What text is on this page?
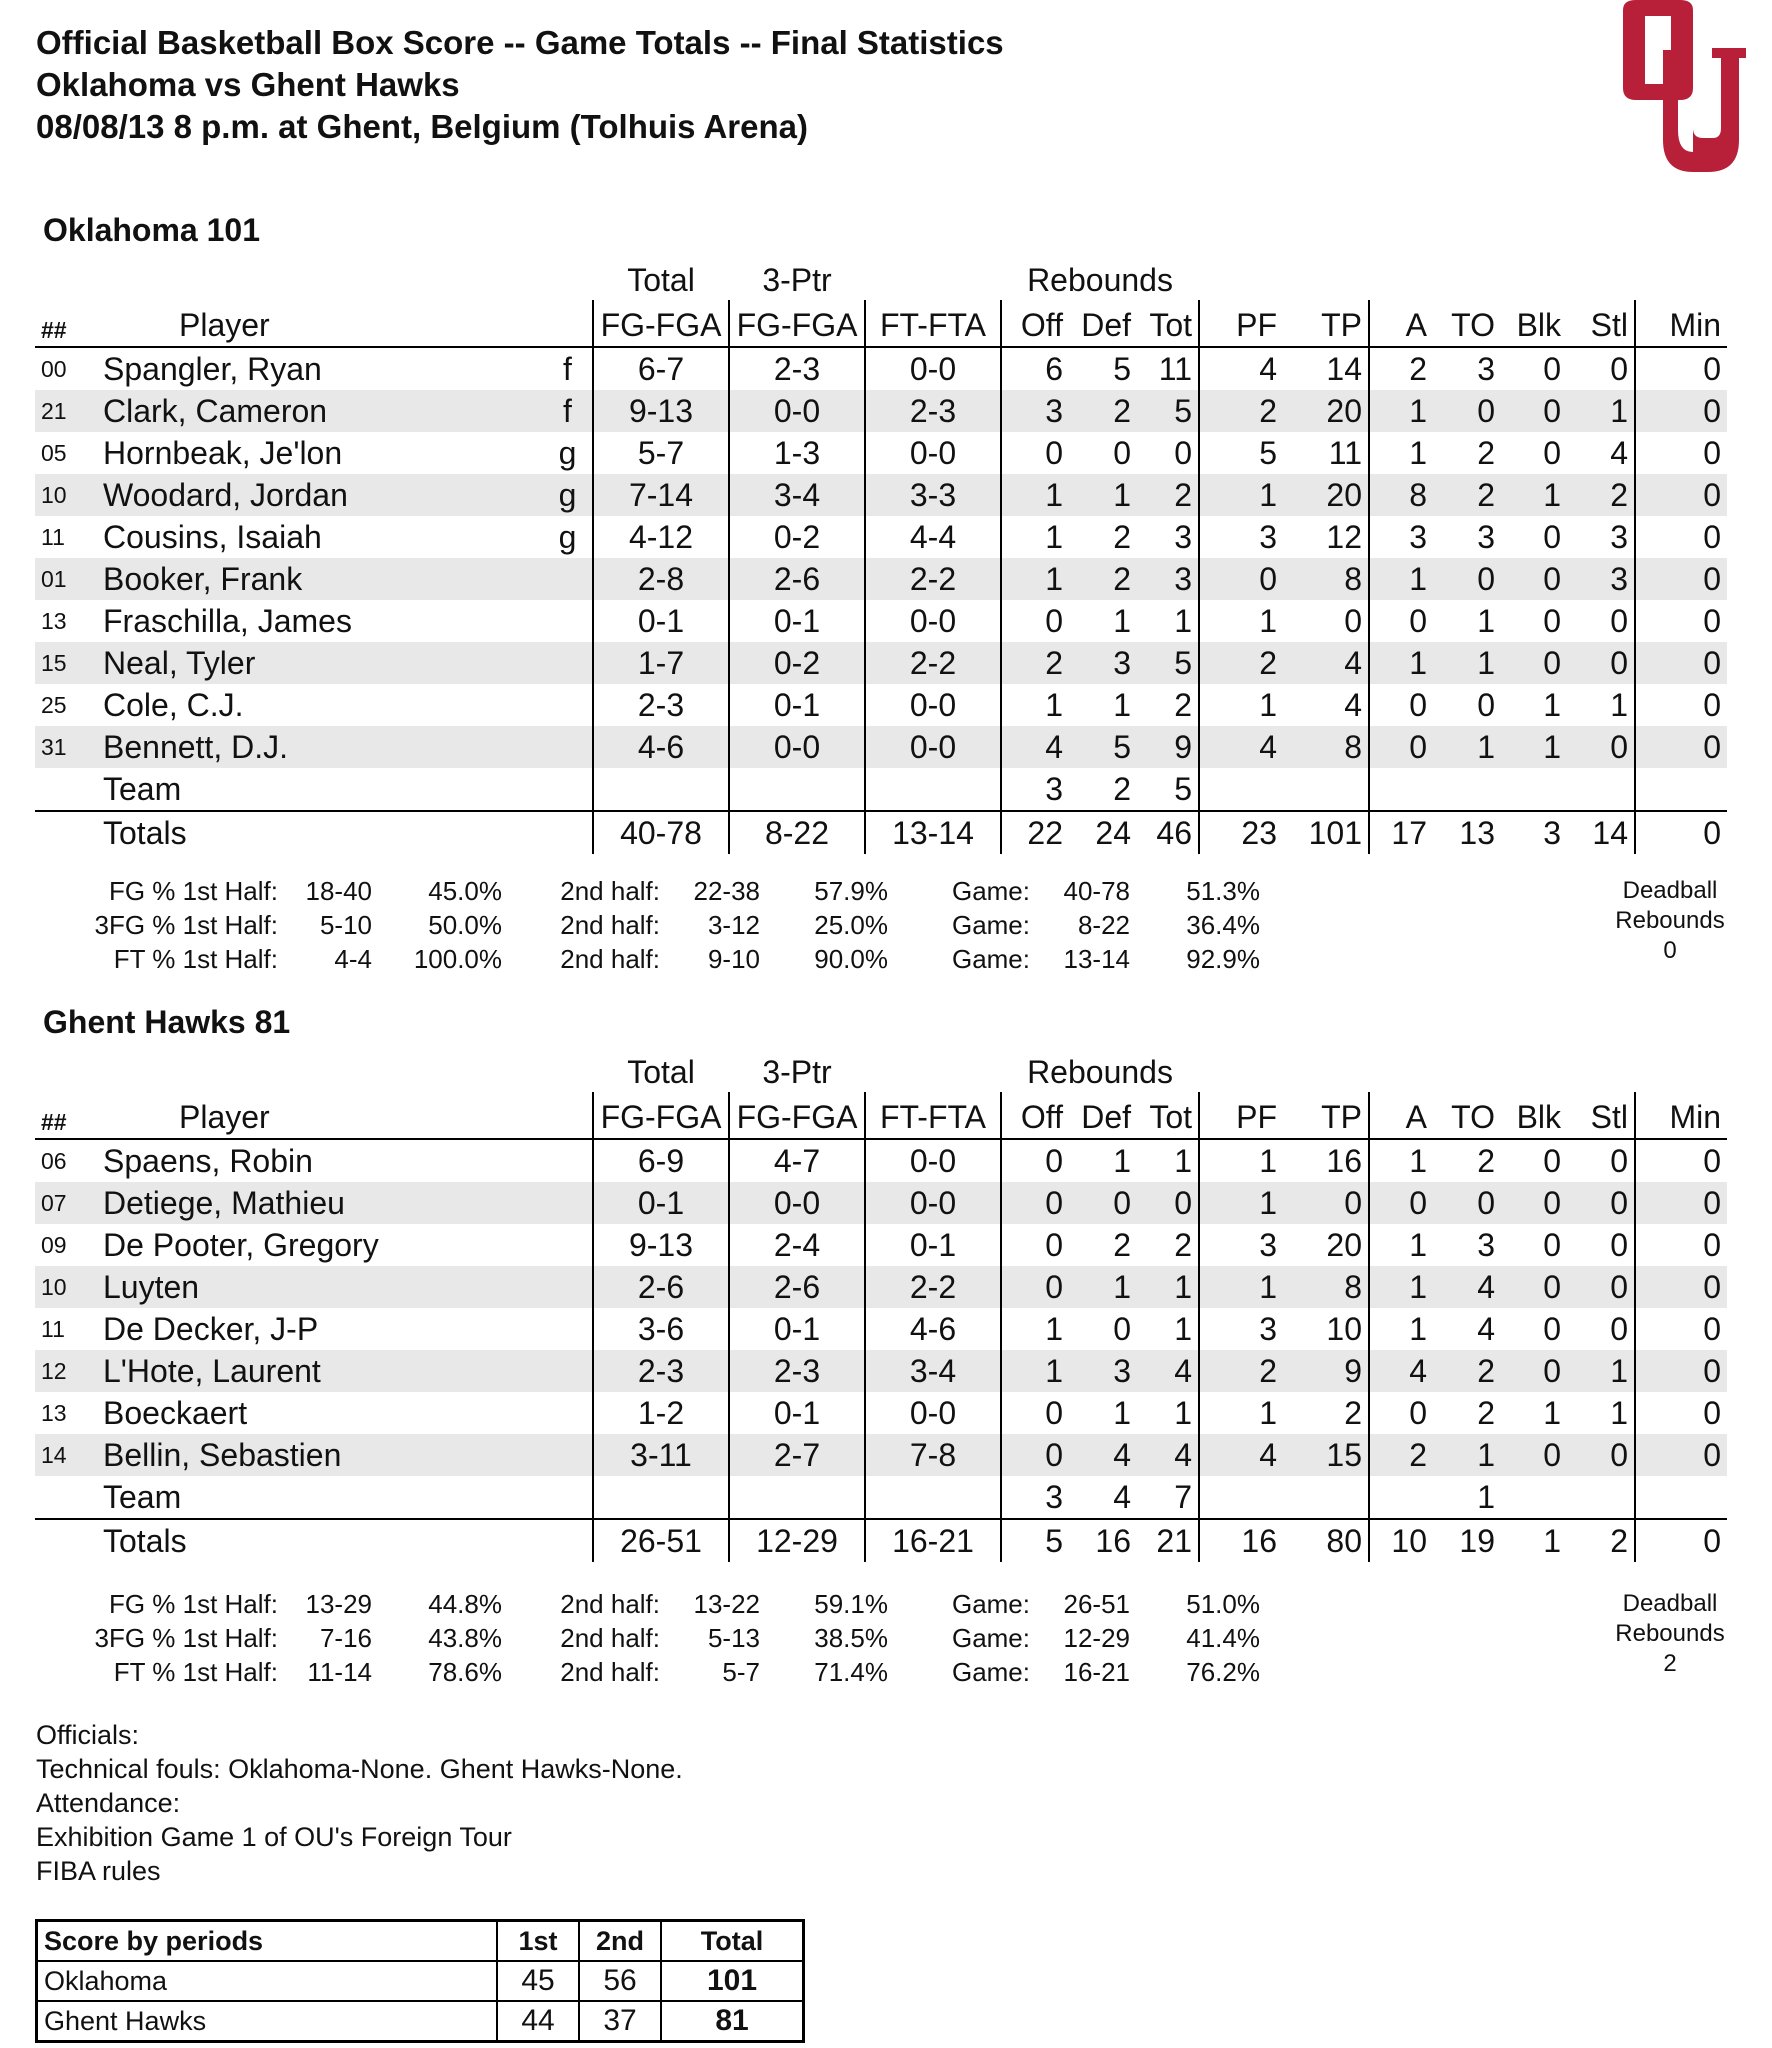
Official Basketball Box Score -- Game Totals -- Final Statistics
Oklahoma vs Ghent Hawks
08/08/13 8 p.m. at Ghent, Belgium (Tolhuis Arena)
Oklahoma 101
			Total	3-Ptr		Rebounds									
##	Player		FG-FGA	FG-FGA	FT-FTA	Off	Def	Tot	PF	TP	A	TO	Blk	Stl	Min
00	Spangler, Ryan	f	6-7	2-3	0-0	6	5	11	4	14	2	3	0	0	0
21	Clark, Cameron	f	9-13	0-0	2-3	3	2	5	2	20	1	0	0	1	0
05	Hornbeak, Je'lon	g	5-7	1-3	0-0	0	0	0	5	11	1	2	0	4	0
10	Woodard, Jordan	g	7-14	3-4	3-3	1	1	2	1	20	8	2	1	2	0
11	Cousins, Isaiah	g	4-12	0-2	4-4	1	2	3	3	12	3	3	0	3	0
01	Booker, Frank		2-8	2-6	2-2	1	2	3	0	8	1	0	0	3	0
13	Fraschilla, James		0-1	0-1	0-0	0	1	1	1	0	0	1	0	0	0
15	Neal, Tyler		1-7	0-2	2-2	2	3	5	2	4	1	1	0	0	0
25	Cole, C.J.		2-3	0-1	0-0	1	1	2	1	4	0	0	1	1	0
31	Bennett, D.J.		4-6	0-0	0-0	4	5	9	4	8	0	1	1	0	0
	Team					3	2	5							
	Totals		40-78	8-22	13-14	22	24	46	23	101	17	13	3	14	0
FG % 1st Half: 18-40 45.0% 2nd half: 22-38 57.9% Game: 40-78 51.3%
3FG % 1st Half: 5-10 50.0% 2nd half: 3-12 25.0% Game: 8-22 36.4%
FT % 1st Half: 4-4 100.0% 2nd half: 9-10 90.0% Game: 13-14 92.9%
Deadball
Rebounds
0
Ghent Hawks 81
			Total	3-Ptr		Rebounds									
##	Player		FG-FGA	FG-FGA	FT-FTA	Off	Def	Tot	PF	TP	A	TO	Blk	Stl	Min
06	Spaens, Robin		6-9	4-7	0-0	0	1	1	1	16	1	2	0	0	0
07	Detiege, Mathieu		0-1	0-0	0-0	0	0	0	1	0	0	0	0	0	0
09	De Pooter, Gregory		9-13	2-4	0-1	0	2	2	3	20	1	3	0	0	0
10	Luyten		2-6	2-6	2-2	0	1	1	1	8	1	4	0	0	0
11	De Decker, J-P		3-6	0-1	4-6	1	0	1	3	10	1	4	0	0	0
12	L'Hote, Laurent		2-3	2-3	3-4	1	3	4	2	9	4	2	0	1	0
13	Boeckaert		1-2	0-1	0-0	0	1	1	1	2	0	2	1	1	0
14	Bellin, Sebastien		3-11	2-7	7-8	0	4	4	4	15	2	1	0	0	0
	Team					3	4	7				1			
	Totals		26-51	12-29	16-21	5	16	21	16	80	10	19	1	2	0
FG % 1st Half: 13-29 44.8% 2nd half: 13-22 59.1% Game: 26-51 51.0%
3FG % 1st Half: 7-16 43.8% 2nd half: 5-13 38.5% Game: 12-29 41.4%
FT % 1st Half: 11-14 78.6% 2nd half: 5-7 71.4% Game: 16-21 76.2%
Deadball
Rebounds
2
Officials:
Technical fouls: Oklahoma-None. Ghent Hawks-None.
Attendance:
Exhibition Game 1 of OU's Foreign Tour
FIBA rules
Score by periods	1st	2nd	Total
Oklahoma	45	56	101
Ghent Hawks	44	37	81
